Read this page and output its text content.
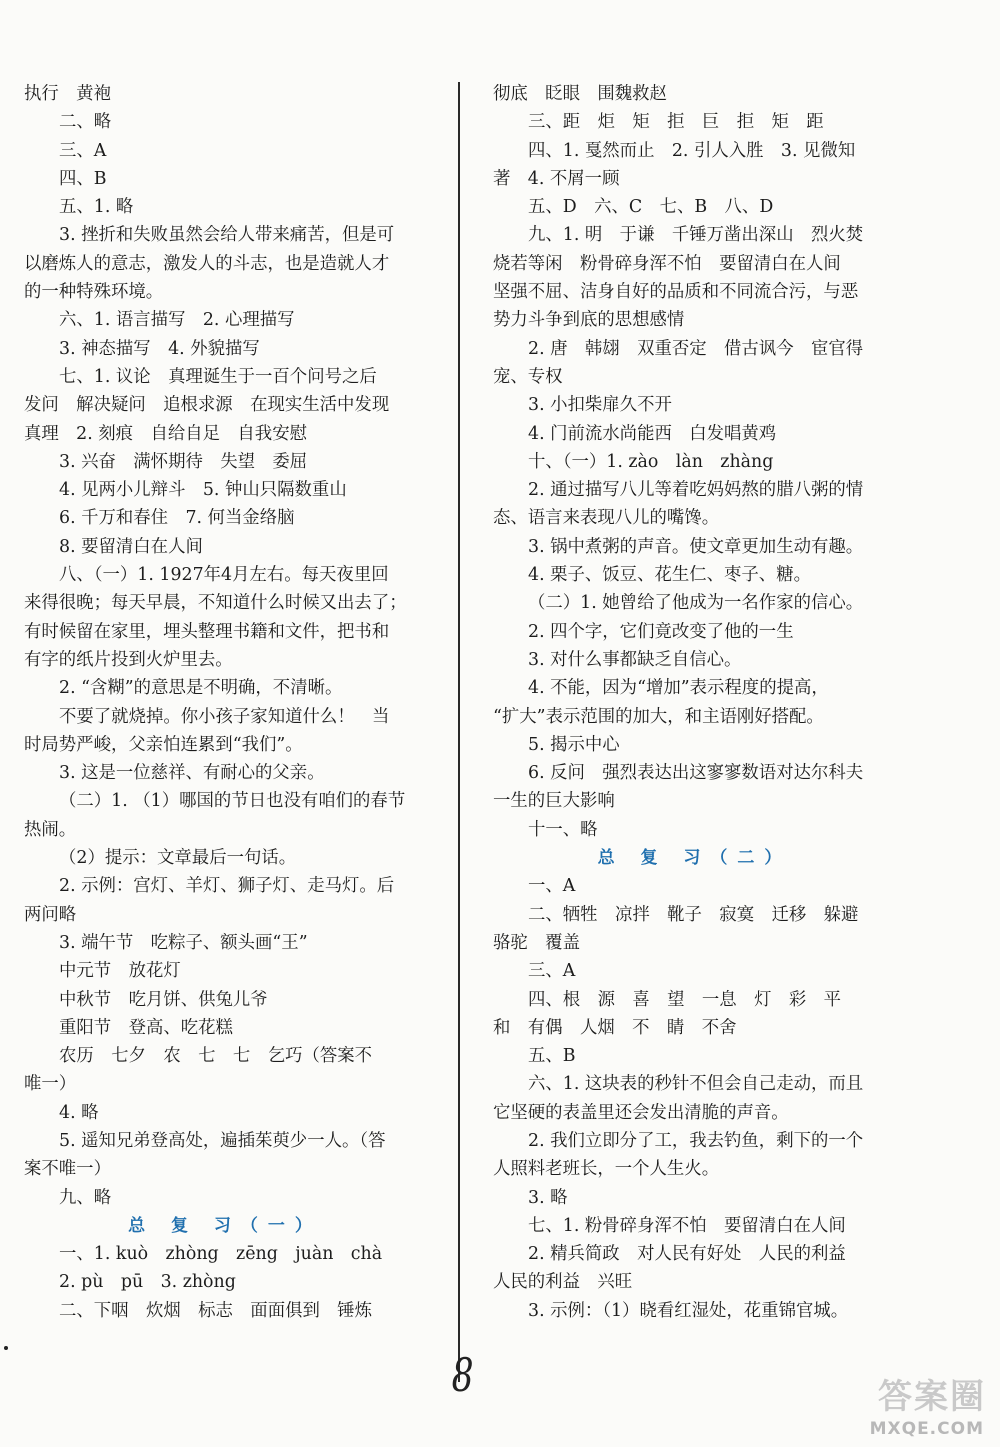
执行　黄袍
二、略
三、A
四、B
五、1. 略
3. 挫折和失败虽然会给人带来痛苦，但是可
以磨炼人的意志，激发人的斗志，也是造就人才
的一种特殊环境。
六、1. 语言描写　2. 心理描写
3. 神态描写　4. 外貌描写
七、1. 议论　真理诞生于一百个问号之后
发问　解决疑问　追根求源　在现实生活中发现
真理　2. 刻痕　自给自足　自我安慰
3. 兴奋　满怀期待　失望　委屈
4. 见两小儿辩斗　5. 钟山只隔数重山
6. 千万和春住　7. 何当金络脑
8. 要留清白在人间
八、（一）1. 1927年4月左右。每天夜里回
来得很晚；每天早晨，不知道什么时候又出去了；
有时候留在家里，埋头整理书籍和文件，把书和
有字的纸片投到火炉里去。
2. “含糊”的意思是不明确，不清晰。
不要了就烧掉。你小孩子家知道什么！　当
时局势严峻，父亲怕连累到“我们”。
3. 这是一位慈祥、有耐心的父亲。
（二）1. （1）哪国的节日也没有咱们的春节
热闹。
（2）提示：文章最后一句话。
2. 示例：宫灯、羊灯、狮子灯、走马灯。后
两问略
3. 端午节　吃粽子、额头画“王”
中元节　放花灯
中秋节　吃月饼、供兔儿爷
重阳节　登高、吃花糕
农历　七夕　农　七　七　乞巧（答案不
唯一）
4. 略
5. 遥知兄弟登高处，遍插茱萸少一人。（答
案不唯一）
九、略
总 复 习（一）
一、1. kuò　zhòng　zēng　juàn　chà
2. pù　pū　3. zhòng
二、下咽　炊烟　标志　面面俱到　锤炼
彻底　眨眼　围魏救赵
三、距　炬　矩　拒　巨　拒　矩　距
四、1. 戛然而止　2. 引人入胜　3. 见微知
著　4. 不屑一顾
五、D　六、C　七、B　八、D
九、1. 明　于谦　千锤万凿出深山　烈火焚
烧若等闲　粉骨碎身浑不怕　要留清白在人间
坚强不屈、洁身自好的品质和不同流合污，与恶
势力斗争到底的思想感情
2. 唐　韩翃　双重否定　借古讽今　宦官得
宠、专权
3. 小扣柴扉久不开
4. 门前流水尚能西　白发唱黄鸡
十、（一）1. zào　làn　zhàng
2. 通过描写八儿等着吃妈妈熬的腊八粥的情
态、语言来表现八儿的嘴馋。
3. 锅中煮粥的声音。使文章更加生动有趣。
4. 栗子、饭豆、花生仁、枣子、糖。
（二）1. 她曾给了他成为一名作家的信心。
2. 四个字，它们竟改变了他的一生
3. 对什么事都缺乏自信心。
4. 不能，因为“增加”表示程度的提高，
“扩大”表示范围的加大，和主语刚好搭配。
5. 揭示中心
6. 反问　强烈表达出这寥寥数语对达尔科夫
一生的巨大影响
十一、略
总 复 习（二）
一、A
二、牺牲　凉拌　靴子　寂寞　迁移　躲避
骆驼　覆盖
三、A
四、根　源　喜　望　一息　灯　彩　平
和　有偶　人烟　不　睛　不舍
五、B
六、1. 这块表的秒针不但会自己走动，而且
它坚硬的表盖里还会发出清脆的声音。
2. 我们立即分了工，我去钓鱼，剩下的一个
人照料老班长，一个人生火。
3. 略
七、1. 粉骨碎身浑不怕　要留清白在人间
2. 精兵简政　对人民有好处　人民的利益
人民的利益　兴旺
3. 示例：（1）晓看红湿处，花重锦官城。
8	答案圈
MXQE.COM
